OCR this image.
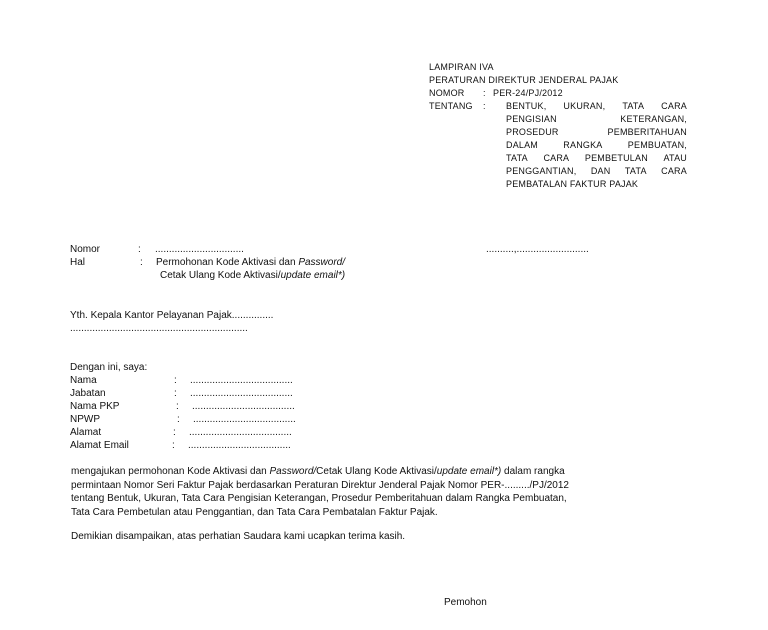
LAMPIRAN IVA
PERATURAN DIREKTUR JENDERAL PAJAK
NOMOR : PER-24/PJ/2012
TENTANG :	BENTUK, UKURAN, TATA CARA
PENGISIAN	KETERANGAN,
PROSEDUR	PEMBERITAHUAN
DALAM	RANGKA	PEMBUATAN,
TATA CARA PEMBETULAN ATAU
PENGGANTIAN, DAN TATA CARA
PEMBATALAN FAKTUR PAJAK
Nomor	: ................................	..........,..........................
Hal	: Permohonan Kode Aktivasi dan Password/
Cetak Ulang Kode Aktivasi/update email*)
Yth. Kepala Kantor Pelayanan Pajak...............
................................................................
Dengan ini, saya:
Nama	: .....................................
Jabatan	: .....................................
Nama PKP	: .....................................
NPWP	: .....................................
Alamat	: .....................................
Alamat Email	: .....................................
mengajukan permohonan Kode Aktivasi dan Password/Cetak Ulang Kode Aktivasi/update email*) dalam rangka
permintaan Nomor Seri Faktur Pajak berdasarkan Peraturan Direktur Jenderal Pajak Nomor PER-........./PJ/2012
tentang Bentuk, Ukuran, Tata Cara Pengisian Keterangan, Prosedur Pemberitahuan dalam Rangka Pembuatan,
Tata Cara Pembetulan atau Penggantian, dan Tata Cara Pembatalan Faktur Pajak.
Demikian disampaikan, atas perhatian Saudara kami ucapkan terima kasih.
Pemohon
